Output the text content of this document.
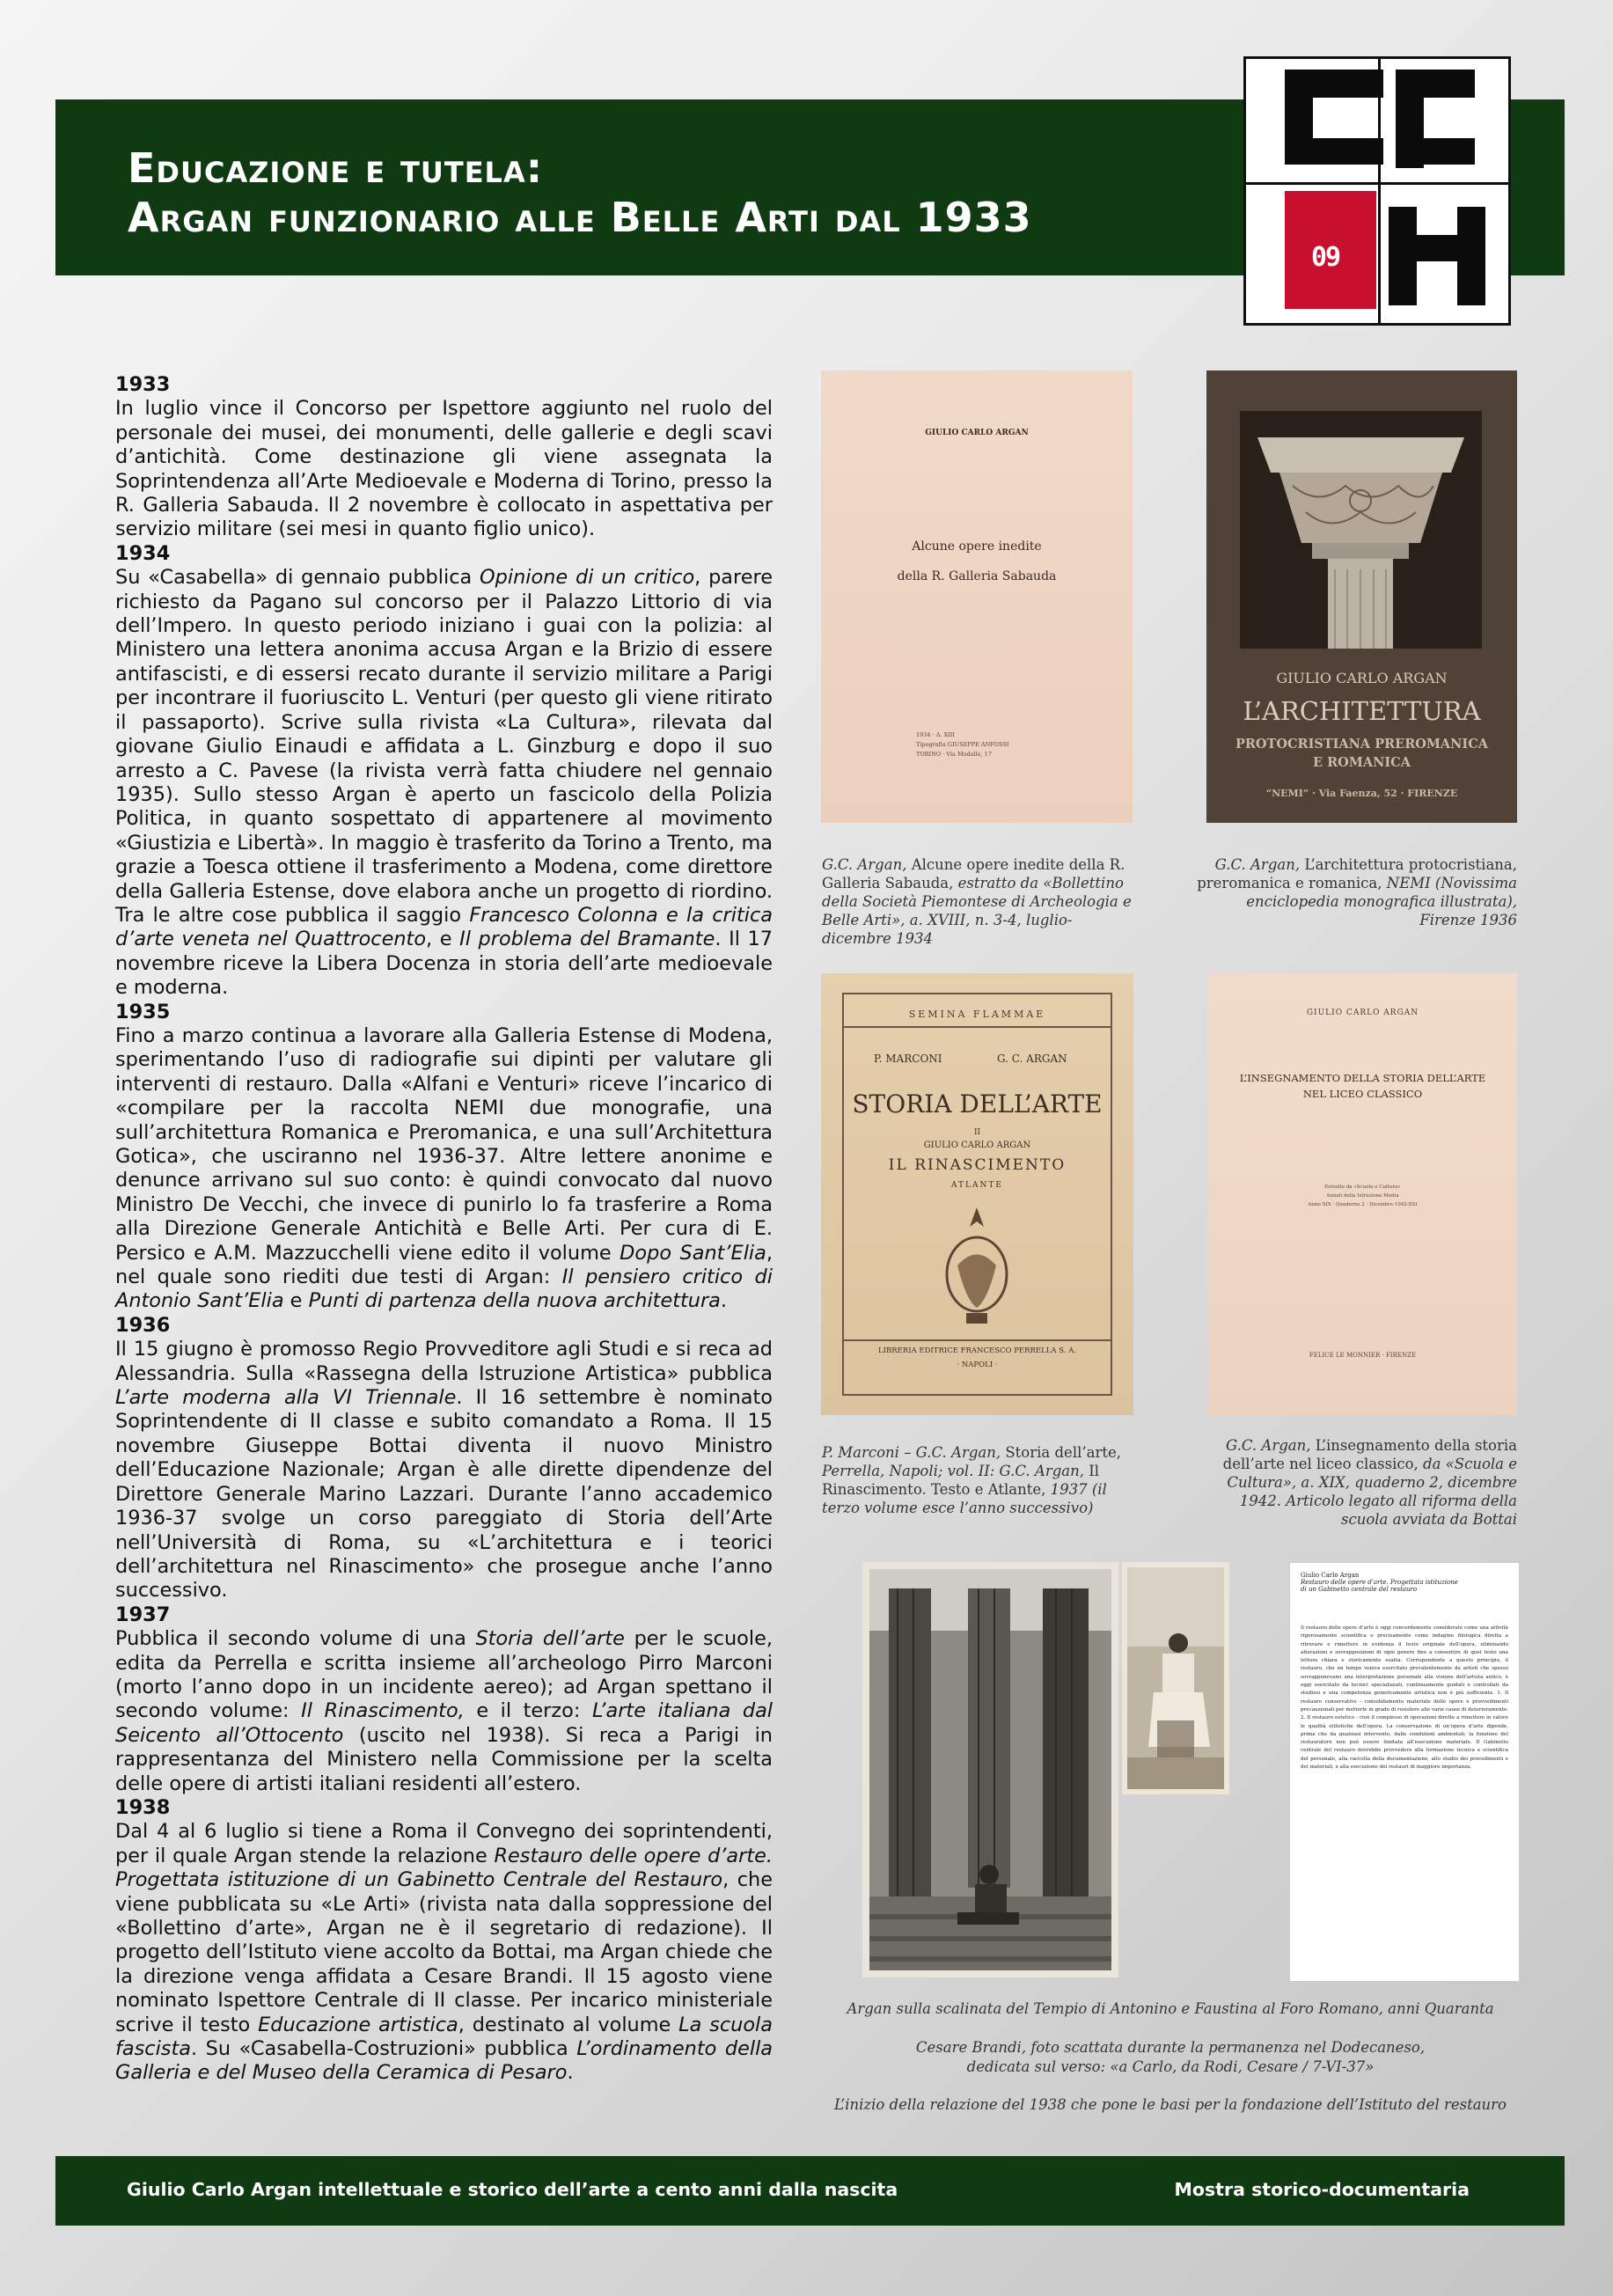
Educazione e tutela:
Argan funzionario alle Belle Arti dal 1933
09
1933
In luglio vince il Concorso per Ispettore aggiunto nel ruolo del personale dei musei, dei monumenti, delle gallerie e degli scavi d’antichità. Come destinazione gli viene assegnata la Soprintendenza all’Arte Medioevale e Moderna di Torino, presso la R. Galleria Sabauda. Il 2 novembre è collocato in aspettativa per servizio militare (sei mesi in quanto figlio unico).
1934
Su «Casabella» di gennaio pubblica Opinione di un critico, parere richiesto da Pagano sul concorso per il Palazzo Littorio di via dell’Impero. In questo periodo iniziano i guai con la polizia: al Ministero una lettera anonima accusa Argan e la Brizio di essere antifascisti, e di essersi recato durante il servizio militare a Parigi per incontrare il fuoriuscito L. Venturi (per questo gli viene ritirato il passaporto). Scrive sulla rivista «La Cultura», rilevata dal giovane Giulio Einaudi e affidata a L. Ginzburg e dopo il suo arresto a C. Pavese (la rivista verrà fatta chiudere nel gennaio 1935). Sullo stesso Argan è aperto un fascicolo della Polizia Politica, in quanto sospettato di appartenere al movimento «Giustizia e Libertà». In maggio è trasferito da Torino a Trento, ma grazie a Toesca ottiene il trasferimento a Modena, come direttore della Galleria Estense, dove elabora anche un progetto di riordino. Tra le altre cose pubblica il saggio Francesco Colonna e la critica d’arte veneta nel Quattrocento, e Il problema del Bramante. Il 17 novembre riceve la Libera Docenza in storia dell’arte medioevale e moderna.
1935
Fino a marzo continua a lavorare alla Galleria Estense di Modena, sperimentando l’uso di radiografie sui dipinti per valutare gli interventi di restauro. Dalla «Alfani e Venturi» riceve l’incarico di «compilare per la raccolta NEMI due monografie, una sull’architettura Romanica e Preromanica, e una sull’Architettura Gotica», che usciranno nel 1936-37. Altre lettere anonime e denunce arrivano sul suo conto: è quindi convocato dal nuovo Ministro De Vecchi, che invece di punirlo lo fa trasferire a Roma alla Direzione Generale Antichità e Belle Arti. Per cura di E. Persico e A.M. Mazzucchelli viene edito il volume Dopo Sant’Elia, nel quale sono riediti due testi di Argan: Il pensiero critico di Antonio Sant’Elia e Punti di partenza della nuova architettura.
1936
Il 15 giugno è promosso Regio Provveditore agli Studi e si reca ad Alessandria. Sulla «Rassegna della Istruzione Artistica» pubblica L’arte moderna alla VI Triennale. Il 16 settembre è nominato Soprintendente di II classe e subito comandato a Roma. Il 15 novembre Giuseppe Bottai diventa il nuovo Ministro dell’Educazione Nazionale; Argan è alle dirette dipendenze del Direttore Generale Marino Lazzari. Durante l’anno accademico 1936-37 svolge un corso pareggiato di Storia dell’Arte nell’Università di Roma, su «L’architettura e i teorici dell’architettura nel Rinascimento» che prosegue anche l’anno successivo.
1937
Pubblica il secondo volume di una Storia dell’arte per le scuole, edita da Perrella e scritta insieme all’archeologo Pirro Marconi (morto l’anno dopo in un incidente aereo); ad Argan spettano il secondo volume: Il Rinascimento, e il terzo: L’arte italiana dal Seicento all’Ottocento (uscito nel 1938). Si reca a Parigi in rappresentanza del Ministero nella Commissione per la scelta delle opere di artisti italiani residenti all’estero.
1938
Dal 4 al 6 luglio si tiene a Roma il Convegno dei soprintendenti, per il quale Argan stende la relazione Restauro delle opere d’arte. Progettata istituzione di un Gabinetto Centrale del Restauro, che viene pubblicata su «Le Arti» (rivista nata dalla soppressione del «Bollettino d’arte», Argan ne è il segretario di redazione). Il progetto dell’Istituto viene accolto da Bottai, ma Argan chiede che la direzione venga affidata a Cesare Brandi. Il 15 agosto viene nominato Ispettore Centrale di II classe. Per incarico ministeriale scrive il testo Educazione artistica, destinato al volume La scuola fascista. Su «Casabella-Costruzioni» pubblica L’ordinamento della Galleria e del Museo della Ceramica di Pesaro.
GIULIO CARLO ARGAN
Alcune opere inedite
della R. Galleria Sabauda
1934 · A. XIII
Tipografia GIUSEPPE ANFOSSI
TORINO · Via Modalle, 17
GIULIO CARLO ARGAN
L’ARCHITETTURA
PROTOCRISTIANA PREROMANICA
E ROMANICA
“NEMI” · Via Faenza, 52 · FIRENZE
G.C. Argan, Alcune opere inedite della R. Galleria Sabauda, estratto da «Bollettino della Società Piemontese di Archeologia e Belle Arti», a. XVIII, n. 3-4, luglio-dicembre 1934
G.C. Argan, L’architettura protocristiana, preromanica e romanica, NEMI (Novissima enciclopedia monografica illustrata), Firenze 1936
SEMINA FLAMMAE
P. MARCONI	G. C. ARGAN
STORIA DELL’ARTE
II
GIULIO CARLO ARGAN
IL RINASCIMENTO
ATLANTE
LIBRERIA EDITRICE FRANCESCO PERRELLA S. A.
· NAPOLI ·
GIULIO CARLO ARGAN
L’INSEGNAMENTO DELLA STORIA DELL’ARTE
NEL LICEO CLASSICO
Estratto da «Scuola e Cultura»
Annali della Istruzione Media
Anno XIX · Quaderno 2 · Dicembre 1942-XXI
FELICE LE MONNIER · FIRENZE
P. Marconi – G.C. Argan, Storia dell’arte, Perrella, Napoli; vol. II: G.C. Argan, Il Rinascimento. Testo e Atlante, 1937 (il terzo volume esce l’anno successivo)
G.C. Argan, L’insegnamento della storia dell’arte nel liceo classico, da «Scuola e Cultura», a. XIX, quaderno 2, dicembre 1942. Articolo legato all riforma della scuola avviata da Bottai
Giulio Carlo Argan
Restauro delle opere d’arte. Progettata istituzione
di un Gabinetto centrale del restauro
Il restauro delle opere d’arte è oggi concordemente considerato come una attività rigorosamente scientifica e precisamente come indagine filologica diretta a ritrovare e rimettere in evidenza il testo originale dell’opera, eliminando alterazioni e sovrapposizioni di ogni genere fino a consentire di quel testo una lettura chiara e storicamente esatta. Corrispondente a questo principio, il restauro, che un tempo veniva esercitato prevalentemente da artisti che spesso sovrapponevano una interpretazione personale alla visione dell’artista antico, è oggi esercitato da tecnici specializzati, continuamente guidati e controllati da studiosi e una competenza genericamente artistica non è più sufficiente. 1. Il restauro conservativo - consolidamento materiale delle opere e provvedimenti precauzionali per metterle in grado di resistere alle varie cause di deterioramento. 2. Il restauro estetico - cioè il complesso di operazioni dirette a rimettere in valore le qualità stilistiche dell’opera. La conservazione di un’opera d’arte dipende, prima che da qualsiasi intervento, dalle condizioni ambientali; la funzione del restauratore non può essere limitata all’esecuzione materiale. Il Gabinetto centrale del restauro dovrebbe provvedere alla formazione tecnica e scientifica del personale, alla raccolta della documentazione, allo studio dei procedimenti e dei materiali, e alla esecuzione dei restauri di maggiore importanza.
Argan sulla scalinata del Tempio di Antonino e Faustina al Foro Romano, anni Quaranta
Cesare Brandi, foto scattata durante la permanenza nel Dodecaneso,
dedicata sul verso: «a Carlo, da Rodi, Cesare / 7-VI-37»
L’inizio della relazione del 1938 che pone le basi per la fondazione dell’Istituto del restauro
Giulio Carlo Argan intellettuale e storico dell’arte a cento anni dalla nascita	Mostra storico-documentaria
